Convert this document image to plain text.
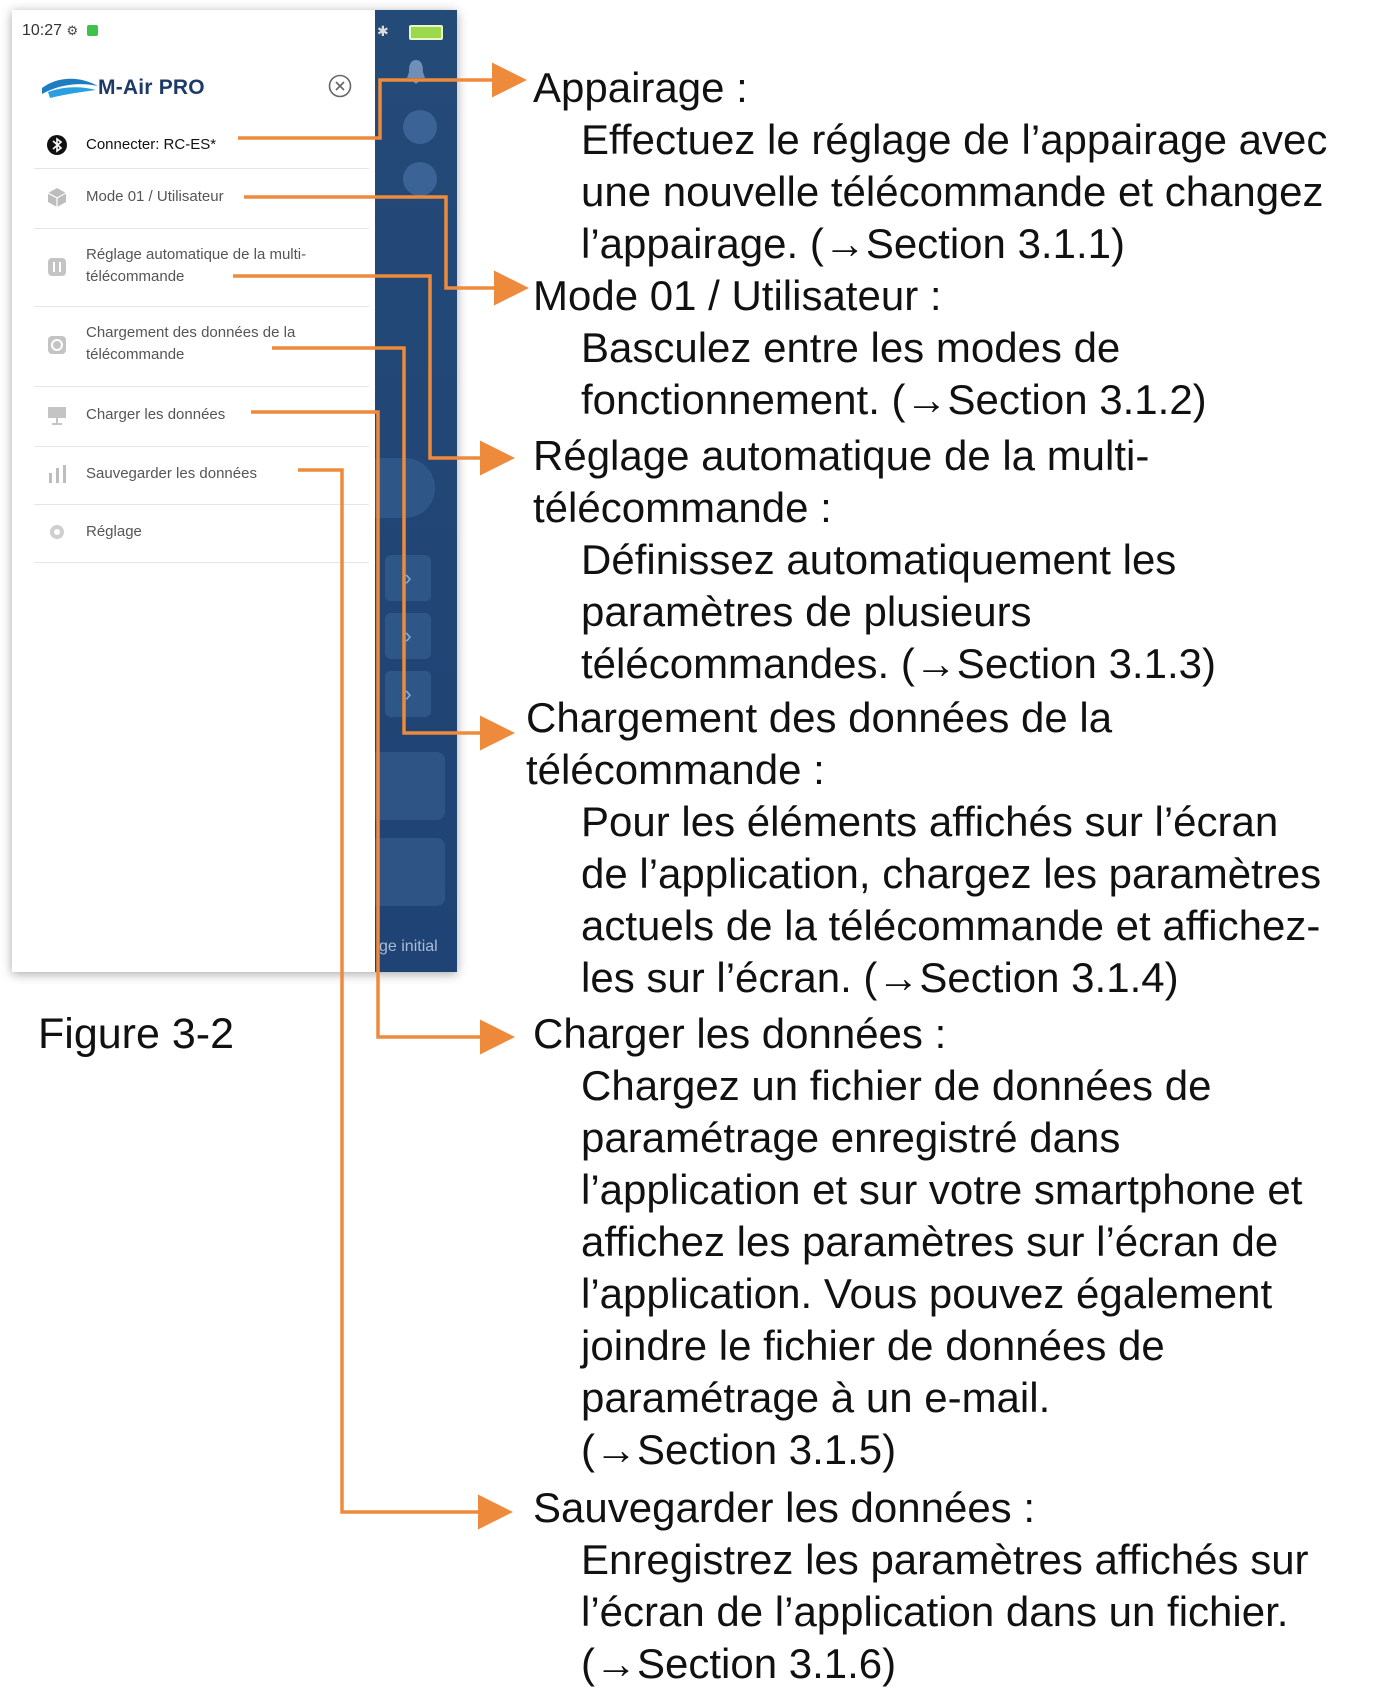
10:27 ⚙	✱
›
›
›
ge initial
M-Air PRO
Connecter: RC-ES*
Mode 01 / Utilisateur
Réglage automatique de la multi-télécommande
Chargement des données de la télécommande
Charger les données
Sauvegarder les données
Réglage
Figure 3-2
Appairage :
Effectuez le réglage de l’appairage avec
une nouvelle télécommande et changez
l’appairage. (→Section 3.1.1)
Mode 01 / Utilisateur :
Basculez entre les modes de
fonctionnement. (→Section 3.1.2)
Réglage automatique de la multi-
télécommande :
Définissez automatiquement les
paramètres de plusieurs
télécommandes. (→Section 3.1.3)
Chargement des données de la
télécommande :
Pour les éléments affichés sur l’écran
de l’application, chargez les paramètres
actuels de la télécommande et affichez-
les sur l’écran. (→Section 3.1.4)
Charger les données :
Chargez un fichier de données de
paramétrage enregistré dans
l’application et sur votre smartphone et
affichez les paramètres sur l’écran de
l’application. Vous pouvez également
joindre le fichier de données de
paramétrage à un e-mail.
(→Section 3.1.5)
Sauvegarder les données :
Enregistrez les paramètres affichés sur
l’écran de l’application dans un fichier.
(→Section 3.1.6)
